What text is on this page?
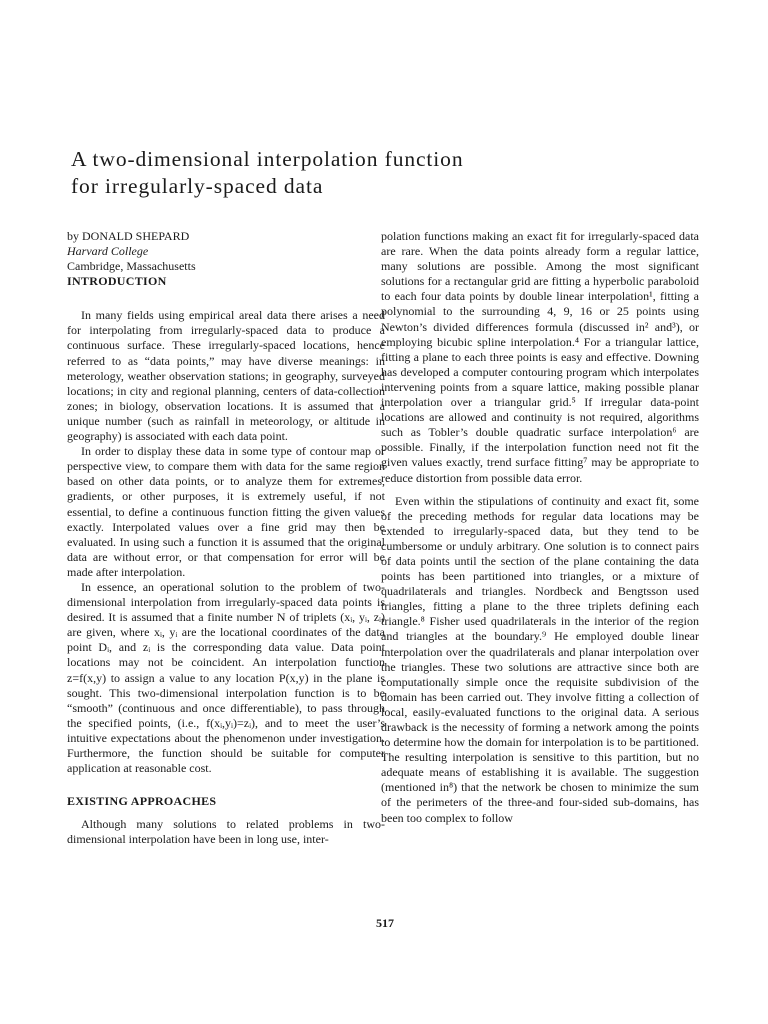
A two-dimensional interpolation function
for irregularly-spaced data

by DONALD SHEPARD

Harvard College

Cambridge, Massachusetts

INTRODUCTION

In many fields using empirical areal data there arises a need for interpolating from irregularly-spaced data to produce a continuous surface. These irregularly-spaced locations, hence referred to as “data points,” may have diverse meanings: in meterology, weather observation stations; in geography, surveyed locations; in city and regional planning, centers of data-collection zones; in biology, observation locations. It is assumed that a unique number (such as rainfall in meteorology, or altitude in geography) is associated with each data point.

In order to display these data in some type of contour map or perspective view, to compare them with data for the same region based on other data points, or to analyze them for extremes, gradients, or other purposes, it is extremely useful, if not essential, to define a continuous function fitting the given values exactly. Interpolated values over a fine grid may then be evaluated. In using such a function it is assumed that the original data are without error, or that compensation for error will be made after interpolation.

In essence, an operational solution to the problem of two-dimensional interpolation from irregularly-spaced data points is desired. It is assumed that a finite number N of triplets (xᵢ, yᵢ, zᵢ) are given, where xᵢ, yᵢ are the locational coordinates of the data point Dᵢ, and zᵢ is the corresponding data value. Data point locations may not be coincident. An interpolation function z=f(x,y) to assign a value to any location P(x,y) in the plane is sought. This two-dimensional interpolation function is to be “smooth” (continuous and once differentiable), to pass through the specified points, (i.e., f(xᵢ,yᵢ)=zᵢ), and to meet the user’s intuitive expectations about the phenomenon under investigation. Furthermore, the function should be suitable for computer application at reasonable cost.

EXISTING APPROACHES

Although many solutions to related problems in two-dimensional interpolation have been in long use, inter-

polation functions making an exact fit for irregularly-spaced data are rare. When the data points already form a regular lattice, many solutions are possible. Among the most significant solutions for a rectangular grid are fitting a hyperbolic paraboloid to each four data points by double linear interpolation¹, fitting a polynomial to the surrounding 4, 9, 16 or 25 points using Newton’s divided differences formula (discussed in² and³), or employing bicubic spline interpolation.⁴ For a triangular lattice, fitting a plane to each three points is easy and effective. Downing has developed a computer contouring program which interpolates intervening points from a square lattice, making possible planar interpolation over a triangular grid.⁵ If irregular data-point locations are allowed and continuity is not required, algorithms such as Tobler’s double quadratic surface interpolation⁶ are possible. Finally, if the interpolation function need not fit the given values exactly, trend surface fitting⁷ may be appropriate to reduce distortion from possible data error.

Even within the stipulations of continuity and exact fit, some of the preceding methods for regular data locations may be extended to irregularly-spaced data, but they tend to be cumbersome or unduly arbitrary. One solution is to connect pairs of data points until the section of the plane containing the data points has been partitioned into triangles, or a mixture of quadrilaterals and triangles. Nordbeck and Bengtsson used triangles, fitting a plane to the three triplets defining each triangle.⁸ Fisher used quadrilaterals in the interior of the region and triangles at the boundary.⁹ He employed double linear interpolation over the quadrilaterals and planar interpolation over the triangles. These two solutions are attractive since both are computationally simple once the requisite subdivision of the domain has been carried out. They involve fitting a collection of local, easily-evaluated functions to the original data. A serious drawback is the necessity of forming a network among the points to determine how the domain for interpolation is to be partitioned. The resulting interpolation is sensitive to this partition, but no adequate means of establishing it is available. The suggestion (mentioned in⁸) that the network be chosen to minimize the sum of the perimeters of the three-and four-sided sub-domains, has been too complex to follow

517
